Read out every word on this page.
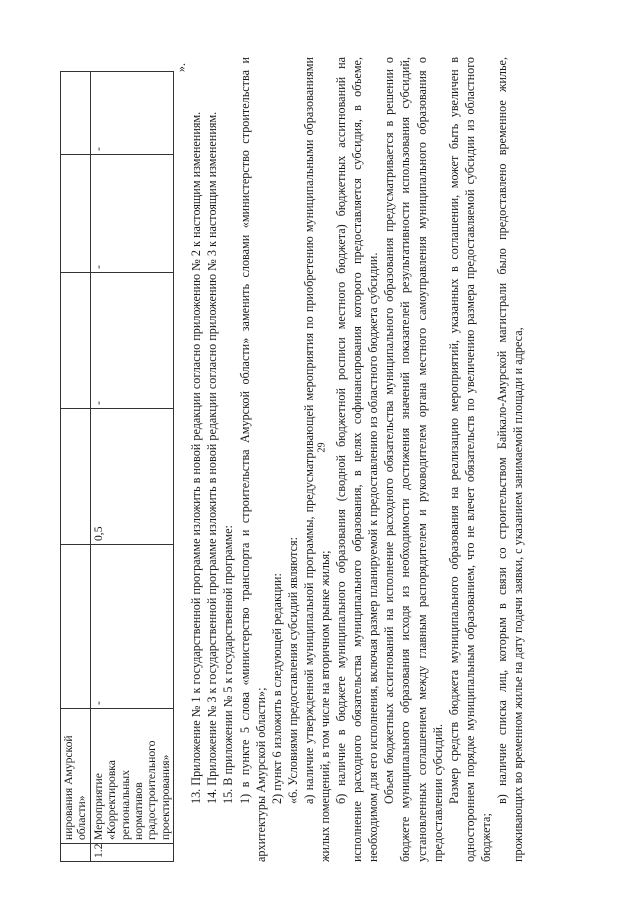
29

	нирования Амурской области»					
1.2	Мероприятие «Корректировка региональных нормативов градостроительного проектирования»	-	0,5	-	-	-
».

13. Приложение № 1 к государственной программе изложить в новой редакции согласно приложению № 2 к настоящим изменениям. 14. Приложение № 3 к государственной программе изложить в новой редакции согласно приложению № 3 к настоящим изменениям. 15. В приложении № 5 к государственной программе: 1) в пункте 5 слова «министерство транспорта и строительства Амурской области» заменить словами «министерство строительства и архитектуры Амурской области»; 2) пункт 6 изложить в следующей редакции: «6. Условиями предоставления субсидий являются: а) наличие утвержденной муниципальной программы, предусматривающей мероприятия по приобретению муниципальными образованиями жилых помещений, в том числе на вторичном рынке жилья; б) наличие в бюджете муниципального образования (сводной бюджетной росписи местного бюджета) бюджетных ассигнований на исполнение расходного обязательства муниципального образования, в целях софинансирования которого предоставляется субсидия, в объеме, необходимом для его исполнения, включая размер планируемой к предоставлению из областного бюджета субсидии. Объем бюджетных ассигнований на исполнение расходного обязательства муниципального образования предусматривается в решении о бюджете муниципального образования исходя из необходимости достижения значений показателей результативности использования субсидий, установленных соглашением между главным распорядителем и руководителем органа местного самоуправления муниципального образования о предоставлении субсидий. Размер средств бюджета муниципального образования на реализацию мероприятий, указанных в соглашении, может быть увеличен в одностороннем порядке муниципальным образованием, что не влечет обязательств по увеличению размера предоставляемой субсидии из областного бюджета;

в) наличие списка лиц, которым в связи со строительством Байкало-Амурской магистрали было предоставлено временное жилье, проживающих во временном жилье на дату подачи заявки, с указанием занимаемой площади и адреса,
